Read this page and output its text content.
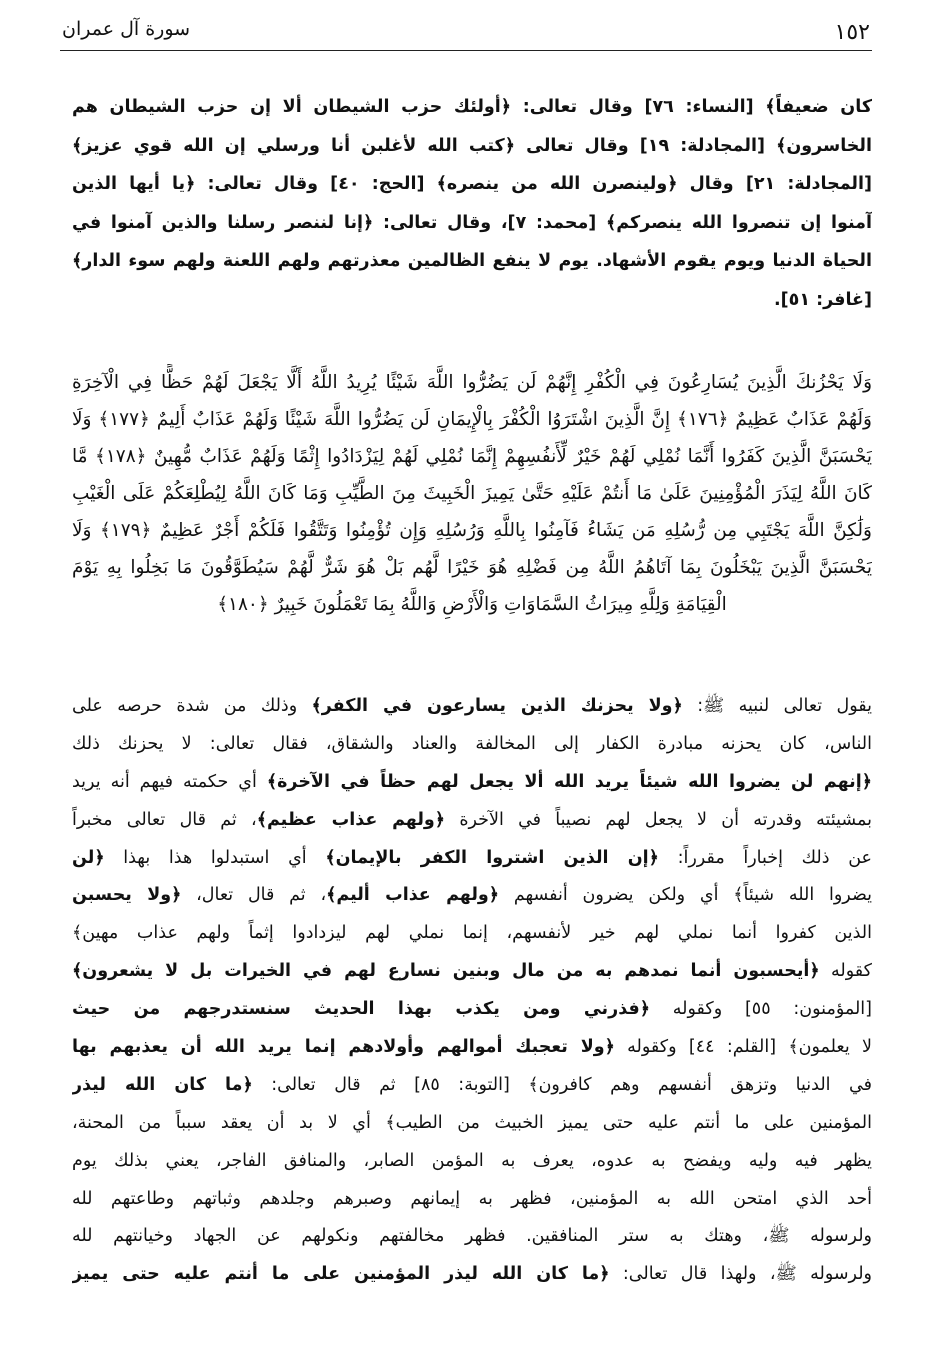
سورة آل عمران	١٥٢
كان ضعيفاً﴾ [النساء: ٧٦] وقال تعالى: ﴿أولئك حزب الشيطان ألا إن حزب الشيطان هم
الخاسرون﴾ [المجادلة: ١٩] وقال تعالى ﴿كتب الله لأغلبن أنا ورسلي إن الله قوي عزيز﴾
[المجادلة: ٢١] وقال ﴿ولينصرن الله من ينصره﴾ [الحج: ٤٠] وقال تعالى: ﴿يا أيها الذين
آمنوا إن تنصروا الله ينصركم﴾ [محمد: ٧]، وقال تعالى: ﴿إنا لننصر رسلنا والذين آمنوا في
الحياة الدنيا ويوم يقوم الأشهاد. يوم لا ينفع الظالمين معذرتهم ولهم اللعنة ولهم سوء الدار﴾
[غافر: ٥١].
وَلَا يَحْزُنكَ الَّذِينَ يُسَارِعُونَ فِي الْكُفْرِ إِنَّهُمْ لَن يَضُرُّوا اللَّهَ شَيْئًا يُرِيدُ اللَّهُ أَلَّا يَجْعَلَ لَهُمْ حَظًّا فِي الْآخِرَةِ
وَلَهُمْ عَذَابٌ عَظِيمٌ ﴿١٧٦﴾ إِنَّ الَّذِينَ اشْتَرَوُا الْكُفْرَ بِالْإِيمَانِ لَن يَضُرُّوا اللَّهَ شَيْئًا وَلَهُمْ عَذَابٌ أَلِيمٌ ﴿١٧٧﴾ وَلَا
يَحْسَبَنَّ الَّذِينَ كَفَرُوا أَنَّمَا نُمْلِي لَهُمْ خَيْرٌ لِّأَنفُسِهِمْ إِنَّمَا نُمْلِي لَهُمْ لِيَزْدَادُوا إِثْمًا وَلَهُمْ عَذَابٌ مُّهِينٌ ﴿١٧٨﴾ مَّا
كَانَ اللَّهُ لِيَذَرَ الْمُؤْمِنِينَ عَلَىٰ مَا أَنتُمْ عَلَيْهِ حَتَّىٰ يَمِيزَ الْخَبِيثَ مِنَ الطَّيِّبِ وَمَا كَانَ اللَّهُ لِيُطْلِعَكُمْ عَلَى الْغَيْبِ
وَلَٰكِنَّ اللَّهَ يَجْتَبِي مِن رُّسُلِهِ مَن يَشَاءُ فَآمِنُوا بِاللَّهِ وَرُسُلِهِ وَإِن تُؤْمِنُوا وَتَتَّقُوا فَلَكُمْ أَجْرٌ عَظِيمٌ ﴿١٧٩﴾ وَلَا
يَحْسَبَنَّ الَّذِينَ يَبْخَلُونَ بِمَا آتَاهُمُ اللَّهُ مِن فَضْلِهِ هُوَ خَيْرًا لَّهُم بَلْ هُوَ شَرٌّ لَّهُمْ سَيُطَوَّقُونَ مَا بَخِلُوا بِهِ يَوْمَ
الْقِيَامَةِ وَلِلَّهِ مِيرَاثُ السَّمَاوَاتِ وَالْأَرْضِ وَاللَّهُ بِمَا تَعْمَلُونَ خَبِيرٌ ﴿١٨٠﴾
يقول تعالى لنبيه ﷺ: ﴿ولا يحزنك الذين يسارعون في الكفر﴾ وذلك من شدة حرصه على
الناس، كان يحزنه مبادرة الكفار إلى المخالفة والعناد والشقاق، فقال تعالى: لا يحزنك ذلك
﴿إنهم لن يضروا الله شيئاً يريد الله ألا يجعل لهم حظاً في الآخرة﴾ أي حكمته فيهم أنه يريد
بمشيئته وقدرته أن لا يجعل لهم نصيباً في الآخرة ﴿ولهم عذاب عظيم﴾، ثم قال تعالى مخبراً
عن ذلك إخباراً مقرراً: ﴿إن الذين اشتروا الكفر بالإيمان﴾ أي استبدلوا هذا بهذا ﴿لن
يضروا الله شيئاً﴾ أي ولكن يضرون أنفسهم ﴿ولهم عذاب أليم﴾، ثم قال تعال، ﴿ولا يحسبن
الذين كفروا أنما نملي لهم خير لأنفسهم، إنما نملي لهم ليزدادوا إثماً ولهم عذاب مهين﴾
كقوله ﴿أيحسبون أنما نمدهم به من مال وبنين نسارع لهم في الخيرات بل لا يشعرون﴾
[المؤمنون: ٥٥] وكقوله ﴿فذرني ومن يكذب بهذا الحديث سنستدرجهم من حيث
لا يعلمون﴾ [القلم: ٤٤] وكقوله ﴿ولا تعجبك أموالهم وأولادهم إنما يريد الله أن يعذبهم بها
في الدنيا وتزهق أنفسهم وهم كافرون﴾ [التوبة: ٨٥] ثم قال تعالى: ﴿ما كان الله ليذر
المؤمنين على ما أنتم عليه حتى يميز الخبيث من الطيب﴾ أي لا بد أن يعقد سبباً من المحنة،
يظهر فيه وليه ويفضح به عدوه، يعرف به المؤمن الصابر، والمنافق الفاجر، يعني بذلك يوم
أحد الذي امتحن الله به المؤمنين، فظهر به إيمانهم وصبرهم وجلدهم وثباتهم وطاعتهم لله
ولرسوله ﷺ، وهتك به ستر المنافقين. فظهر مخالفتهم ونكولهم عن الجهاد وخيانتهم لله
ولرسوله ﷺ، ولهذا قال تعالى: ﴿ما كان الله ليذر المؤمنين على ما أنتم عليه حتى يميز
